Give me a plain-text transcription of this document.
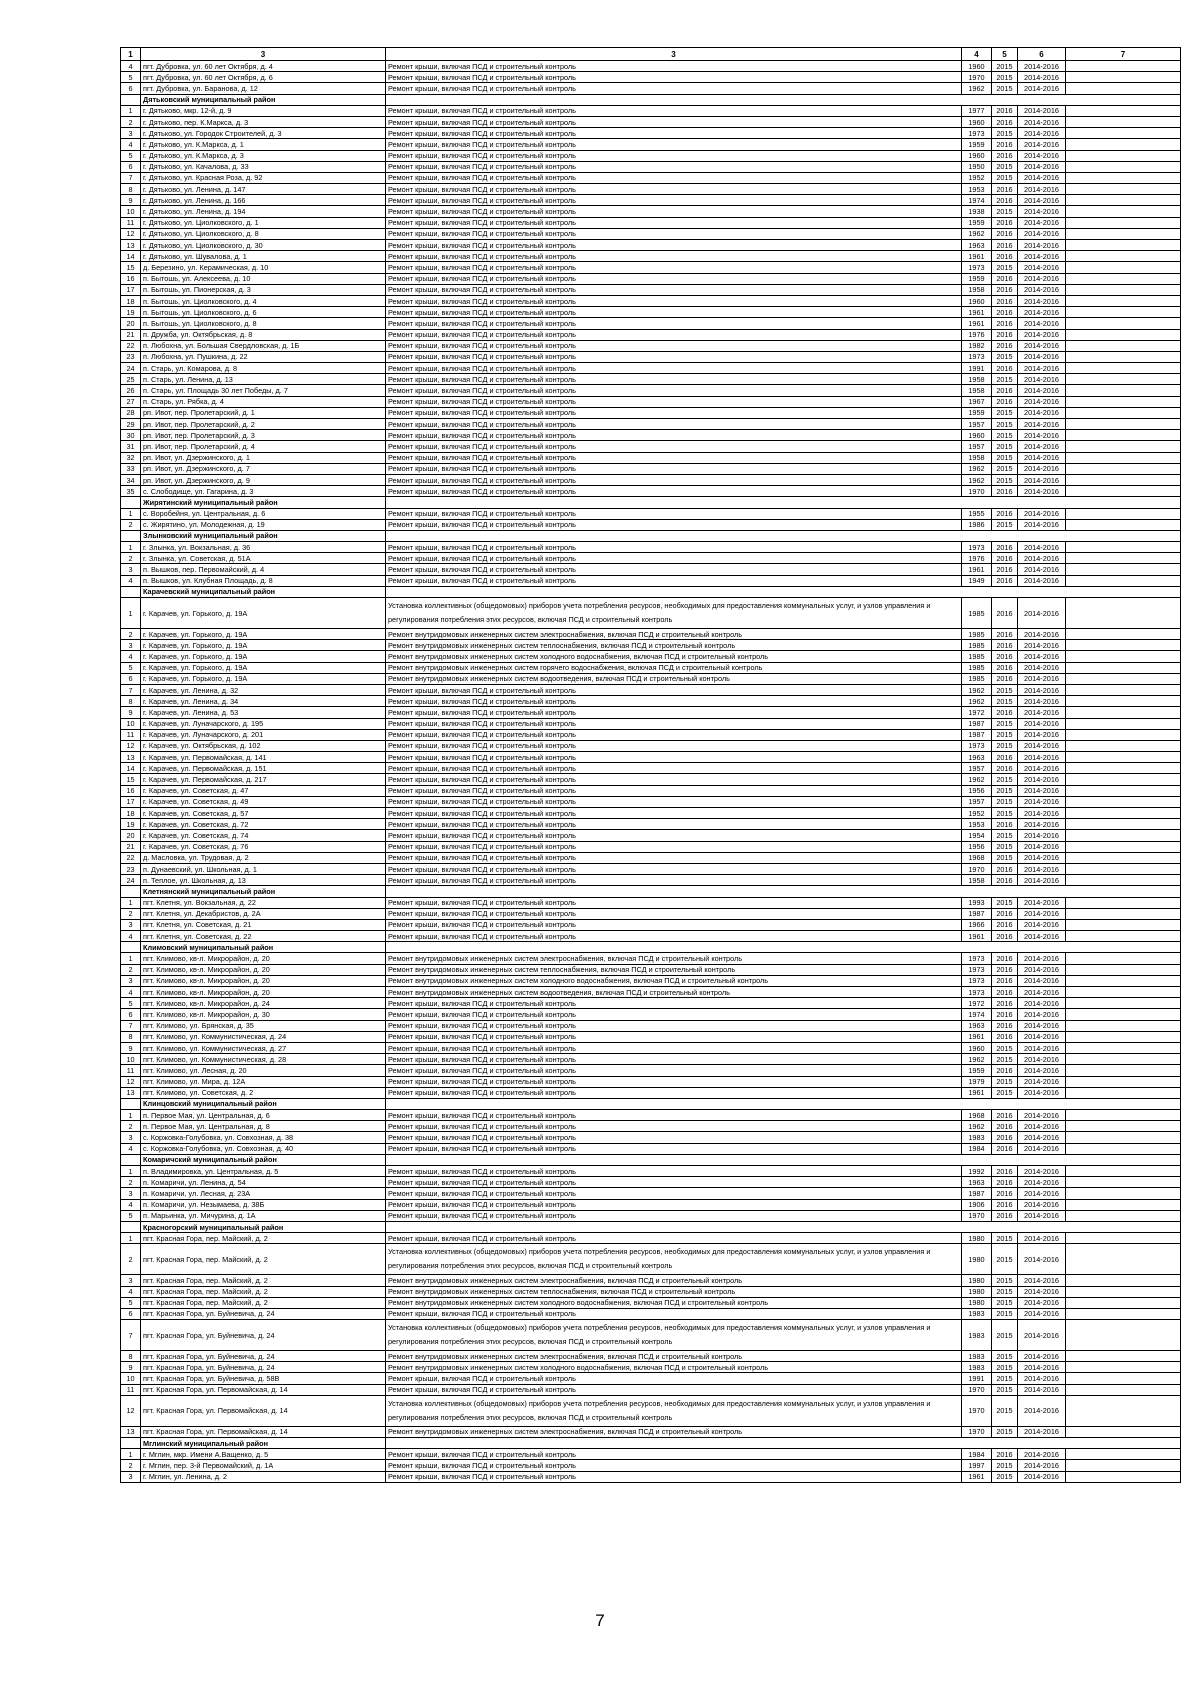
1	3	3	4	5	6	7
4	пгт. Дубровка, ул. 60 лет Октября, д. 4	Ремонт крыши, включая ПСД и строительный контроль	1960	2015	2014-2016	
5	пгт. Дубровка, ул. 60 лет Октября, д. 6	Ремонт крыши, включая ПСД и строительный контроль	1970	2015	2014-2016	
6	пгт. Дубровка, ул. Баранова, д. 12	Ремонт крыши, включая ПСД и строительный контроль	1962	2015	2014-2016	
	Дятьковский муниципальный район					
1	г. Дятьково, мкр. 12-й, д. 9	Ремонт крыши, включая ПСД и строительный контроль	1977	2016	2014-2016	
2	г. Дятьково, пер. К.Маркса, д. 3	Ремонт крыши, включая ПСД и строительный контроль	1960	2016	2014-2016	
3	г. Дятьково, ул. Городок Строителей, д. 3	Ремонт крыши, включая ПСД и строительный контроль	1973	2015	2014-2016	
4	г. Дятьково, ул. К.Маркса, д. 1	Ремонт крыши, включая ПСД и строительный контроль	1959	2016	2014-2016	
5	г. Дятьково, ул. К.Маркса, д. 3	Ремонт крыши, включая ПСД и строительный контроль	1960	2016	2014-2016	
6	г. Дятьково, ул. Качалова, д. 33	Ремонт крыши, включая ПСД и строительный контроль	1950	2015	2014-2016	
7	г. Дятьково, ул. Красная Роза, д. 92	Ремонт крыши, включая ПСД и строительный контроль	1952	2015	2014-2016	
8	г. Дятьково, ул. Ленина, д. 147	Ремонт крыши, включая ПСД и строительный контроль	1953	2016	2014-2016	
9	г. Дятьково, ул. Ленина, д. 166	Ремонт крыши, включая ПСД и строительный контроль	1974	2016	2014-2016	
10	г. Дятьково, ул. Ленина, д. 194	Ремонт крыши, включая ПСД и строительный контроль	1938	2015	2014-2016	
11	г. Дятьково, ул. Циолковского, д. 1	Ремонт крыши, включая ПСД и строительный контроль	1959	2016	2014-2016	
12	г. Дятьково, ул. Циолковского, д. 8	Ремонт крыши, включая ПСД и строительный контроль	1962	2016	2014-2016	
13	г. Дятьково, ул. Циолковского, д. 30	Ремонт крыши, включая ПСД и строительный контроль	1963	2016	2014-2016	
14	г. Дятьково, ул. Шувалова, д. 1	Ремонт крыши, включая ПСД и строительный контроль	1961	2016	2014-2016	
15	д. Березино, ул. Керамическая, д. 10	Ремонт крыши, включая ПСД и строительный контроль	1973	2015	2014-2016	
16	п. Бытошь, ул. Алексеева, д. 10	Ремонт крыши, включая ПСД и строительный контроль	1959	2016	2014-2016	
17	п. Бытошь, ул. Пионерская, д. 3	Ремонт крыши, включая ПСД и строительный контроль	1958	2016	2014-2016	
18	п. Бытошь, ул. Циолковского, д. 4	Ремонт крыши, включая ПСД и строительный контроль	1960	2016	2014-2016	
19	п. Бытошь, ул. Циолковского, д. 6	Ремонт крыши, включая ПСД и строительный контроль	1961	2016	2014-2016	
20	п. Бытошь, ул. Циолковского, д. 8	Ремонт крыши, включая ПСД и строительный контроль	1961	2016	2014-2016	
21	п. Дружба, ул. Октябрьская, д. 8	Ремонт крыши, включая ПСД и строительный контроль	1976	2016	2014-2016	
22	п. Любохна, ул. Большая Свердловская, д. 1Б	Ремонт крыши, включая ПСД и строительный контроль	1982	2016	2014-2016	
23	п. Любохна, ул. Пушкина, д. 22	Ремонт крыши, включая ПСД и строительный контроль	1973	2015	2014-2016	
24	п. Старь, ул. Комарова, д. 8	Ремонт крыши, включая ПСД и строительный контроль	1991	2016	2014-2016	
25	п. Старь, ул. Ленина, д. 13	Ремонт крыши, включая ПСД и строительный контроль	1958	2015	2014-2016	
26	п. Старь, ул. Площадь 30 лет Победы, д. 7	Ремонт крыши, включая ПСД и строительный контроль	1958	2016	2014-2016	
27	п. Старь, ул. Рябка, д. 4	Ремонт крыши, включая ПСД и строительный контроль	1967	2016	2014-2016	
28	рп. Ивот, пер. Пролетарский, д. 1	Ремонт крыши, включая ПСД и строительный контроль	1959	2015	2014-2016	
29	рп. Ивот, пер. Пролетарский, д. 2	Ремонт крыши, включая ПСД и строительный контроль	1957	2015	2014-2016	
30	рп. Ивот, пер. Пролетарский, д. 3	Ремонт крыши, включая ПСД и строительный контроль	1960	2015	2014-2016	
31	рп. Ивот, пер. Пролетарский, д. 4	Ремонт крыши, включая ПСД и строительный контроль	1957	2015	2014-2016	
32	рп. Ивот, ул. Дзержинского, д. 1	Ремонт крыши, включая ПСД и строительный контроль	1958	2015	2014-2016	
33	рп. Ивот, ул. Дзержинского, д. 7	Ремонт крыши, включая ПСД и строительный контроль	1962	2015	2014-2016	
34	рп. Ивот, ул. Дзержинского, д. 9	Ремонт крыши, включая ПСД и строительный контроль	1962	2015	2014-2016	
35	с. Слободище, ул. Гагарина, д. 3	Ремонт крыши, включая ПСД и строительный контроль	1970	2016	2014-2016	
	Жирятинский муниципальный район					
1	с. Воробейня, ул. Центральная, д. 6	Ремонт крыши, включая ПСД и строительный контроль	1955	2016	2014-2016	
2	с. Жирятино, ул. Молодежная, д. 19	Ремонт крыши, включая ПСД и строительный контроль	1986	2015	2014-2016	
	Злынковский муниципальный район					
1	г. Злынка, ул. Вокзальная, д. 36	Ремонт крыши, включая ПСД и строительный контроль	1973	2016	2014-2016	
2	г. Злынка, ул. Советская, д. 51А	Ремонт крыши, включая ПСД и строительный контроль	1976	2016	2014-2016	
3	п. Вышков, пер. Первомайский, д. 4	Ремонт крыши, включая ПСД и строительный контроль	1961	2016	2014-2016	
4	п. Вышков, ул. Клубная Площадь, д. 8	Ремонт крыши, включая ПСД и строительный контроль	1949	2016	2014-2016	
	Карачевский муниципальный район					
1	г. Карачев, ул. Горького, д. 19А	Установка коллективных (общедомовых) приборов учета потребления ресурсов, необходимых для предоставления коммунальных услуг, и узлов управления и регулирования потребления этих ресурсов, включая ПСД и строительный контроль	1985	2016	2014-2016	
2	г. Карачев, ул. Горького, д. 19А	Ремонт внутридомовых инженерных систем электроснабжения, включая ПСД и строительный контроль	1985	2016	2014-2016	
3	г. Карачев, ул. Горького, д. 19А	Ремонт внутридомовых инженерных систем теплоснабжения, включая ПСД и строительный контроль	1985	2016	2014-2016	
4	г. Карачев, ул. Горького, д. 19А	Ремонт внутридомовых инженерных систем холодного водоснабжения, включая ПСД и строительный контроль	1985	2016	2014-2016	
5	г. Карачев, ул. Горького, д. 19А	Ремонт внутридомовых инженерных систем горячего водоснабжения, включая ПСД и строительный контроль	1985	2016	2014-2016	
6	г. Карачев, ул. Горького, д. 19А	Ремонт внутридомовых инженерных систем водоотведения, включая ПСД и строительный контроль	1985	2016	2014-2016	
7	г. Карачев, ул. Ленина, д. 32	Ремонт крыши, включая ПСД и строительный контроль	1962	2015	2014-2016	
8	г. Карачев, ул. Ленина, д. 34	Ремонт крыши, включая ПСД и строительный контроль	1962	2015	2014-2016	
9	г. Карачев, ул. Ленина, д. 53	Ремонт крыши, включая ПСД и строительный контроль	1972	2016	2014-2016	
10	г. Карачев, ул. Луначарского, д. 195	Ремонт крыши, включая ПСД и строительный контроль	1987	2015	2014-2016	
11	г. Карачев, ул. Луначарского, д. 201	Ремонт крыши, включая ПСД и строительный контроль	1987	2015	2014-2016	
12	г. Карачев, ул. Октябрьская, д. 102	Ремонт крыши, включая ПСД и строительный контроль	1973	2015	2014-2016	
13	г. Карачев, ул. Первомайская, д. 141	Ремонт крыши, включая ПСД и строительный контроль	1963	2016	2014-2016	
14	г. Карачев, ул. Первомайская, д. 151	Ремонт крыши, включая ПСД и строительный контроль	1957	2016	2014-2016	
15	г. Карачев, ул. Первомайская, д. 217	Ремонт крыши, включая ПСД и строительный контроль	1962	2015	2014-2016	
16	г. Карачев, ул. Советская, д. 47	Ремонт крыши, включая ПСД и строительный контроль	1956	2015	2014-2016	
17	г. Карачев, ул. Советская, д. 49	Ремонт крыши, включая ПСД и строительный контроль	1957	2015	2014-2016	
18	г. Карачев, ул. Советская, д. 57	Ремонт крыши, включая ПСД и строительный контроль	1952	2015	2014-2016	
19	г. Карачев, ул. Советская, д. 72	Ремонт крыши, включая ПСД и строительный контроль	1953	2016	2014-2016	
20	г. Карачев, ул. Советская, д. 74	Ремонт крыши, включая ПСД и строительный контроль	1954	2015	2014-2016	
21	г. Карачев, ул. Советская, д. 76	Ремонт крыши, включая ПСД и строительный контроль	1956	2015	2014-2016	
22	д. Масловка, ул. Трудовая, д. 2	Ремонт крыши, включая ПСД и строительный контроль	1968	2015	2014-2016	
23	п. Дунаевский, ул. Школьная, д. 1	Ремонт крыши, включая ПСД и строительный контроль	1970	2016	2014-2016	
24	п. Теплое, ул. Школьная, д. 13	Ремонт крыши, включая ПСД и строительный контроль	1958	2016	2014-2016	
	Клетнянский муниципальный район					
1	пгт. Клетня, ул. Вокзальная, д. 22	Ремонт крыши, включая ПСД и строительный контроль	1993	2015	2014-2016	
2	пгт. Клетня, ул. Декабристов, д. 2А	Ремонт крыши, включая ПСД и строительный контроль	1987	2016	2014-2016	
3	пгт. Клетня, ул. Советская, д. 21	Ремонт крыши, включая ПСД и строительный контроль	1966	2016	2014-2016	
4	пгт. Клетня, ул. Советская, д. 22	Ремонт крыши, включая ПСД и строительный контроль	1961	2016	2014-2016	
	Климовский муниципальный район					
1	пгт. Климово, кв-л. Микрорайон, д. 20	Ремонт внутридомовых инженерных систем электроснабжения, включая ПСД и строительный контроль	1973	2016	2014-2016	
2	пгт. Климово, кв-л. Микрорайон, д. 20	Ремонт внутридомовых инженерных систем теплоснабжения, включая ПСД и строительный контроль	1973	2016	2014-2016	
3	пгт. Климово, кв-л. Микрорайон, д. 20	Ремонт внутридомовых инженерных систем холодного водоснабжения, включая ПСД и строительный контроль	1973	2016	2014-2016	
4	пгт. Климово, кв-л. Микрорайон, д. 20	Ремонт внутридомовых инженерных систем водоотведения, включая ПСД и строительный контроль	1973	2016	2014-2016	
5	пгт. Климово, кв-л. Микрорайон, д. 24	Ремонт крыши, включая ПСД и строительный контроль	1972	2016	2014-2016	
6	пгт. Климово, кв-л. Микрорайон, д. 30	Ремонт крыши, включая ПСД и строительный контроль	1974	2016	2014-2016	
7	пгт. Климово, ул. Брянская, д. 35	Ремонт крыши, включая ПСД и строительный контроль	1963	2016	2014-2016	
8	пгт. Климово, ул. Коммунистическая, д. 24	Ремонт крыши, включая ПСД и строительный контроль	1961	2016	2014-2016	
9	пгт. Климово, ул. Коммунистическая, д. 27	Ремонт крыши, включая ПСД и строительный контроль	1960	2015	2014-2016	
10	пгт. Климово, ул. Коммунистическая, д. 28	Ремонт крыши, включая ПСД и строительный контроль	1962	2015	2014-2016	
11	пгт. Климово, ул. Лесная, д. 20	Ремонт крыши, включая ПСД и строительный контроль	1959	2016	2014-2016	
12	пгт. Климово, ул. Мира, д. 12А	Ремонт крыши, включая ПСД и строительный контроль	1979	2015	2014-2016	
13	пгт. Климово, ул. Советская, д. 2	Ремонт крыши, включая ПСД и строительный контроль	1961	2015	2014-2016	
	Клинцовский муниципальный район					
1	п. Первое Мая, ул. Центральная, д. 6	Ремонт крыши, включая ПСД и строительный контроль	1968	2016	2014-2016	
2	п. Первое Мая, ул. Центральная, д. 8	Ремонт крыши, включая ПСД и строительный контроль	1962	2016	2014-2016	
3	с. Коржовка-Голубовка, ул. Совхозная, д. 38	Ремонт крыши, включая ПСД и строительный контроль	1983	2016	2014-2016	
4	с. Коржовка-Голубовка, ул. Совхозная, д. 40	Ремонт крыши, включая ПСД и строительный контроль	1984	2016	2014-2016	
	Комаричский муниципальный район					
1	п. Владимировка, ул. Центральная, д. 5	Ремонт крыши, включая ПСД и строительный контроль	1992	2016	2014-2016	
2	п. Комаричи, ул. Ленина, д. 54	Ремонт крыши, включая ПСД и строительный контроль	1963	2016	2014-2016	
3	п. Комаричи, ул. Лесная, д. 23А	Ремонт крыши, включая ПСД и строительный контроль	1987	2016	2014-2016	
4	п. Комаричи, ул. Незымаева, д. 38Б	Ремонт крыши, включая ПСД и строительный контроль	1906	2016	2014-2016	
5	п. Марьинка, ул. Мичурина, д. 1А	Ремонт крыши, включая ПСД и строительный контроль	1970	2016	2014-2016	
	Красногорский муниципальный район					
1	пгт. Красная Гора, пер. Майский, д. 2	Ремонт крыши, включая ПСД и строительный контроль	1980	2015	2014-2016	
2	пгт. Красная Гора, пер. Майский, д. 2	Установка коллективных (общедомовых) приборов учета потребления ресурсов, необходимых для предоставления коммунальных услуг, и узлов управления и регулирования потребления этих ресурсов, включая ПСД и строительный контроль	1980	2015	2014-2016	
3	пгт. Красная Гора, пер. Майский, д. 2	Ремонт внутридомовых инженерных систем электроснабжения, включая ПСД и строительный контроль	1980	2015	2014-2016	
4	пгт. Красная Гора, пер. Майский, д. 2	Ремонт внутридомовых инженерных систем теплоснабжения, включая ПСД и строительный контроль	1980	2015	2014-2016	
5	пгт. Красная Гора, пер. Майский, д. 2	Ремонт внутридомовых инженерных систем холодного водоснабжения, включая ПСД и строительный контроль	1980	2015	2014-2016	
6	пгт. Красная Гора, ул. Буйневича, д. 24	Ремонт крыши, включая ПСД и строительный контроль	1983	2015	2014-2016	
7	пгт. Красная Гора, ул. Буйневича, д. 24	Установка коллективных (общедомовых) приборов учета потребления ресурсов, необходимых для предоставления коммунальных услуг, и узлов управления и регулирования потребления этих ресурсов, включая ПСД и строительный контроль	1983	2015	2014-2016	
8	пгт. Красная Гора, ул. Буйневича, д. 24	Ремонт внутридомовых инженерных систем электроснабжения, включая ПСД и строительный контроль	1983	2015	2014-2016	
9	пгт. Красная Гора, ул. Буйневича, д. 24	Ремонт внутридомовых инженерных систем холодного водоснабжения, включая ПСД и строительный контроль	1983	2015	2014-2016	
10	пгт. Красная Гора, ул. Буйневича, д. 58В	Ремонт крыши, включая ПСД и строительный контроль	1991	2015	2014-2016	
11	пгт. Красная Гора, ул. Первомайская, д. 14	Ремонт крыши, включая ПСД и строительный контроль	1970	2015	2014-2016	
12	пгт. Красная Гора, ул. Первомайская, д. 14	Установка коллективных (общедомовых) приборов учета потребления ресурсов, необходимых для предоставления коммунальных услуг, и узлов управления и регулирования потребления этих ресурсов, включая ПСД и строительный контроль	1970	2015	2014-2016	
13	пгт. Красная Гора, ул. Первомайская, д. 14	Ремонт внутридомовых инженерных систем электроснабжения, включая ПСД и строительный контроль	1970	2015	2014-2016	
	Мглинский муниципальный район					
1	г. Мглин, мкр. Имени А.Ващенко, д. 5	Ремонт крыши, включая ПСД и строительный контроль	1984	2016	2014-2016	
2	г. Мглин, пер. 3-й Первомайский, д. 1А	Ремонт крыши, включая ПСД и строительный контроль	1997	2015	2014-2016	
3	г. Мглин, ул. Ленина, д. 2	Ремонт крыши, включая ПСД и строительный контроль	1961	2015	2014-2016	
7
